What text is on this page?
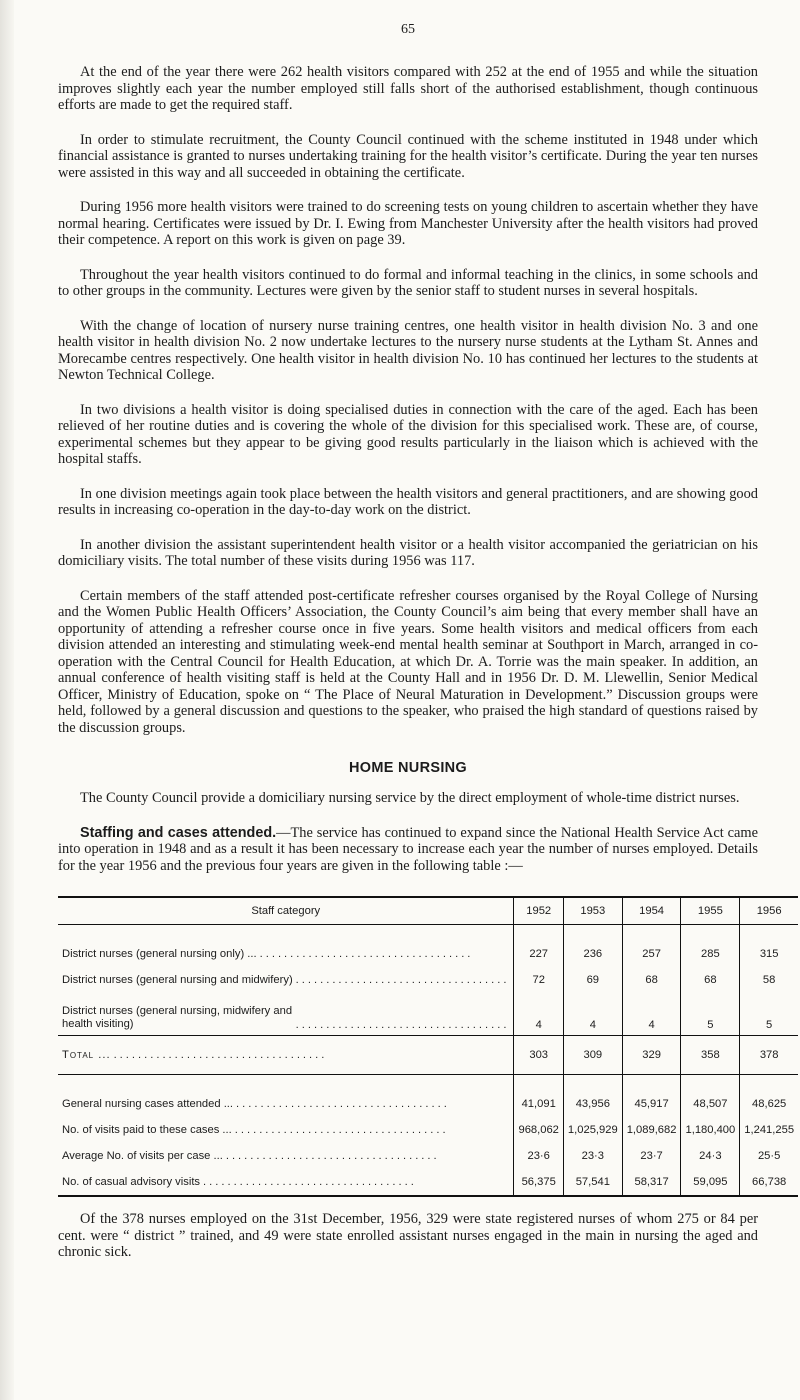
65

At the end of the year there were 262 health visitors compared with 252 at the end of 1955 and while the situation improves slightly each year the number employed still falls short of the authorised establishment, though continuous efforts are made to get the required staff.

In order to stimulate recruitment, the County Council continued with the scheme instituted in 1948 under which financial assistance is granted to nurses undertaking training for the health visitor’s certificate. During the year ten nurses were assisted in this way and all succeeded in obtaining the certificate.

During 1956 more health visitors were trained to do screening tests on young children to ascertain whether they have normal hearing. Certificates were issued by Dr. I. Ewing from Manchester University after the health visitors had proved their competence. A report on this work is given on page 39.

Throughout the year health visitors continued to do formal and informal teaching in the clinics, in some schools and to other groups in the community. Lectures were given by the senior staff to student nurses in several hospitals.

With the change of location of nursery nurse training centres, one health visitor in health division No. 3 and one health visitor in health division No. 2 now undertake lectures to the nursery nurse students at the Lytham St. Annes and Morecambe centres respectively. One health visitor in health division No. 10 has continued her lectures to the students at Newton Technical College.

In two divisions a health visitor is doing specialised duties in connection with the care of the aged. Each has been relieved of her routine duties and is covering the whole of the division for this specialised work. These are, of course, experimental schemes but they appear to be giving good results particularly in the liaison which is achieved with the hospital staffs.

In one division meetings again took place between the health visitors and general practitioners, and are showing good results in increasing co-operation in the day-to-day work on the district.

In another division the assistant superintendent health visitor or a health visitor accompanied the geriatrician on his domiciliary visits. The total number of these visits during 1956 was 117.

Certain members of the staff attended post-certificate refresher courses organised by the Royal College of Nursing and the Women Public Health Officers’ Association, the County Council’s aim being that every member shall have an opportunity of attending a refresher course once in five years. Some health visitors and medical officers from each division attended an interesting and stimulating week-end mental health seminar at Southport in March, arranged in co-operation with the Central Council for Health Education, at which Dr. A. Torrie was the main speaker. In addition, an annual conference of health visiting staff is held at the County Hall and in 1956 Dr. D. M. Llewellin, Senior Medical Officer, Ministry of Education, spoke on “ The Place of Neural Maturation in Development.” Discussion groups were held, followed by a general discussion and questions to the speaker, who praised the high standard of questions raised by the discussion groups.

HOME NURSING

The County Council provide a domiciliary nursing service by the direct employment of whole-time district nurses.

Staffing and cases attended.—The service has continued to expand since the National Health Service Act came into operation in 1948 and as a result it has been necessary to increase each year the number of nurses employed. Details for the year 1956 and the previous four years are given in the following table :—

Staff category	1952	1953	1954	1955	1956

District nurses (general nursing only) ... ...................................	227	236	257	285	315

District nurses (general nursing and midwifery) ...................................	72	69	68	68	58

District nurses (general nursing, midwifery and health visiting) ...................................	4	4	4	5	5

Total ... ...................................	303	309	329	358	378

General nursing cases attended ... ...................................	41,091	43,956	45,917	48,507	48,625

No. of visits paid to these cases ... ...................................	968,062	1,025,929	1,089,682	1,180,400	1,241,255

Average No. of visits per case ... ...................................	23·6	23·3	23·7	24·3	25·5

No. of casual advisory visits ...................................	56,375	57,541	58,317	59,095	66,738

Of the 378 nurses employed on the 31st December, 1956, 329 were state registered nurses of whom 275 or 84 per cent. were “ district ” trained, and 49 were state enrolled assistant nurses engaged in the main in nursing the aged and chronic sick.
